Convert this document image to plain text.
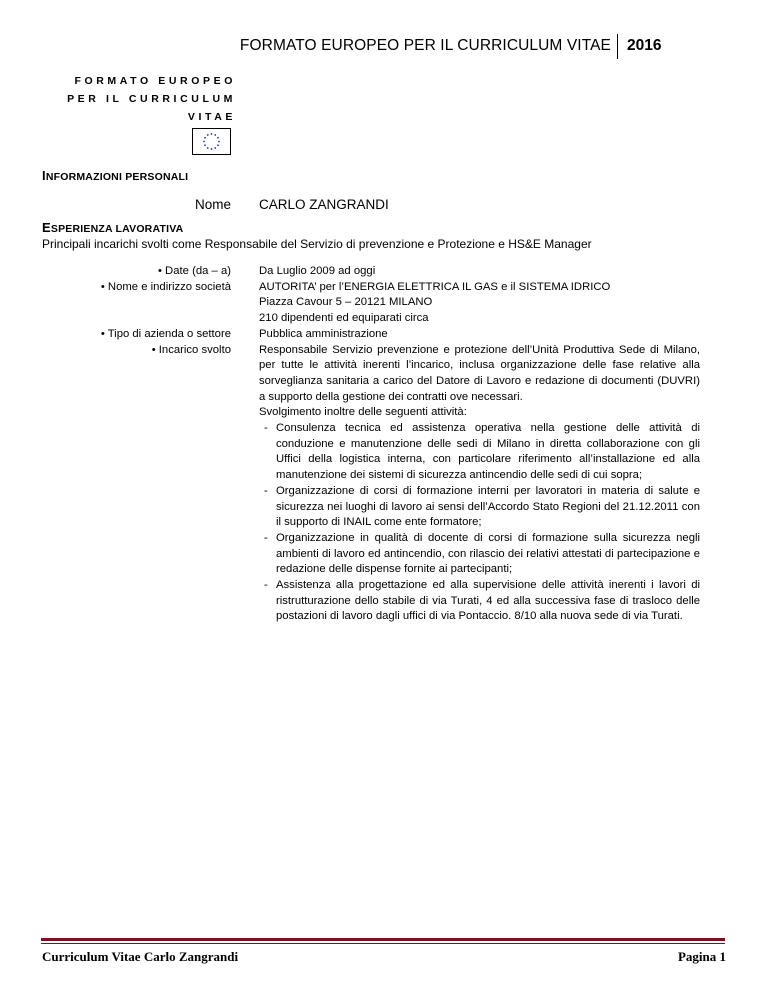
FORMATO EUROPEO PER IL CURRICULUM VITAE 2016
FORMATO EUROPEO
PER IL CURRICULUM
VITAE
INFORMAZIONI PERSONALI
Nome CARLO ZANGRANDI
ESPERIENZA LAVORATIVA
Principali incarichi svolti come Responsabile del Servizio di prevenzione e Protezione e HS&E Manager
• Date (da – a)
• Nome e indirizzo società
• Tipo di azienda o settore
• Incarico svolto
Da Luglio 2009 ad oggi
AUTORITA’ per l’ENERGIA ELETTRICA IL GAS e il SISTEMA IDRICO
Piazza Cavour 5 – 20121 MILANO
210 dipendenti ed equiparati circa
Pubblica amministrazione
Responsabile Servizio prevenzione e protezione dell’Unità Produttiva Sede di Milano, per tutte le attività inerenti l’incarico, inclusa organizzazione delle fase relative alla sorveglianza sanitaria a carico del Datore di Lavoro e redazione di documenti (DUVRI) a supporto della gestione dei contratti ove necessari.
Svolgimento inoltre delle seguenti attività:
- Consulenza tecnica ed assistenza operativa nella gestione delle attività di conduzione e manutenzione delle sedi di Milano in diretta collaborazione con gli Uffici della logistica interna, con particolare riferimento all’installazione ed alla manutenzione dei sistemi di sicurezza antincendio delle sedi di cui sopra;
- Organizzazione di corsi di formazione interni per lavoratori in materia di salute e sicurezza nei luoghi di lavoro ai sensi dell’Accordo Stato Regioni del 21.12.2011 con il supporto di INAIL come ente formatore;
- Organizzazione in qualità di docente di corsi di formazione sulla sicurezza negli ambienti di lavoro ed antincendio, con rilascio dei relativi attestati di partecipazione e redazione delle dispense fornite ai partecipanti;
- Assistenza alla progettazione ed alla supervisione delle attività inerenti i lavori di ristrutturazione dello stabile di via Turati, 4 ed alla successiva fase di trasloco delle postazioni di lavoro dagli uffici di via Pontaccio. 8/10 alla nuova sede di via Turati.
Curriculum Vitae Carlo Zangrandi	Pagina 1
